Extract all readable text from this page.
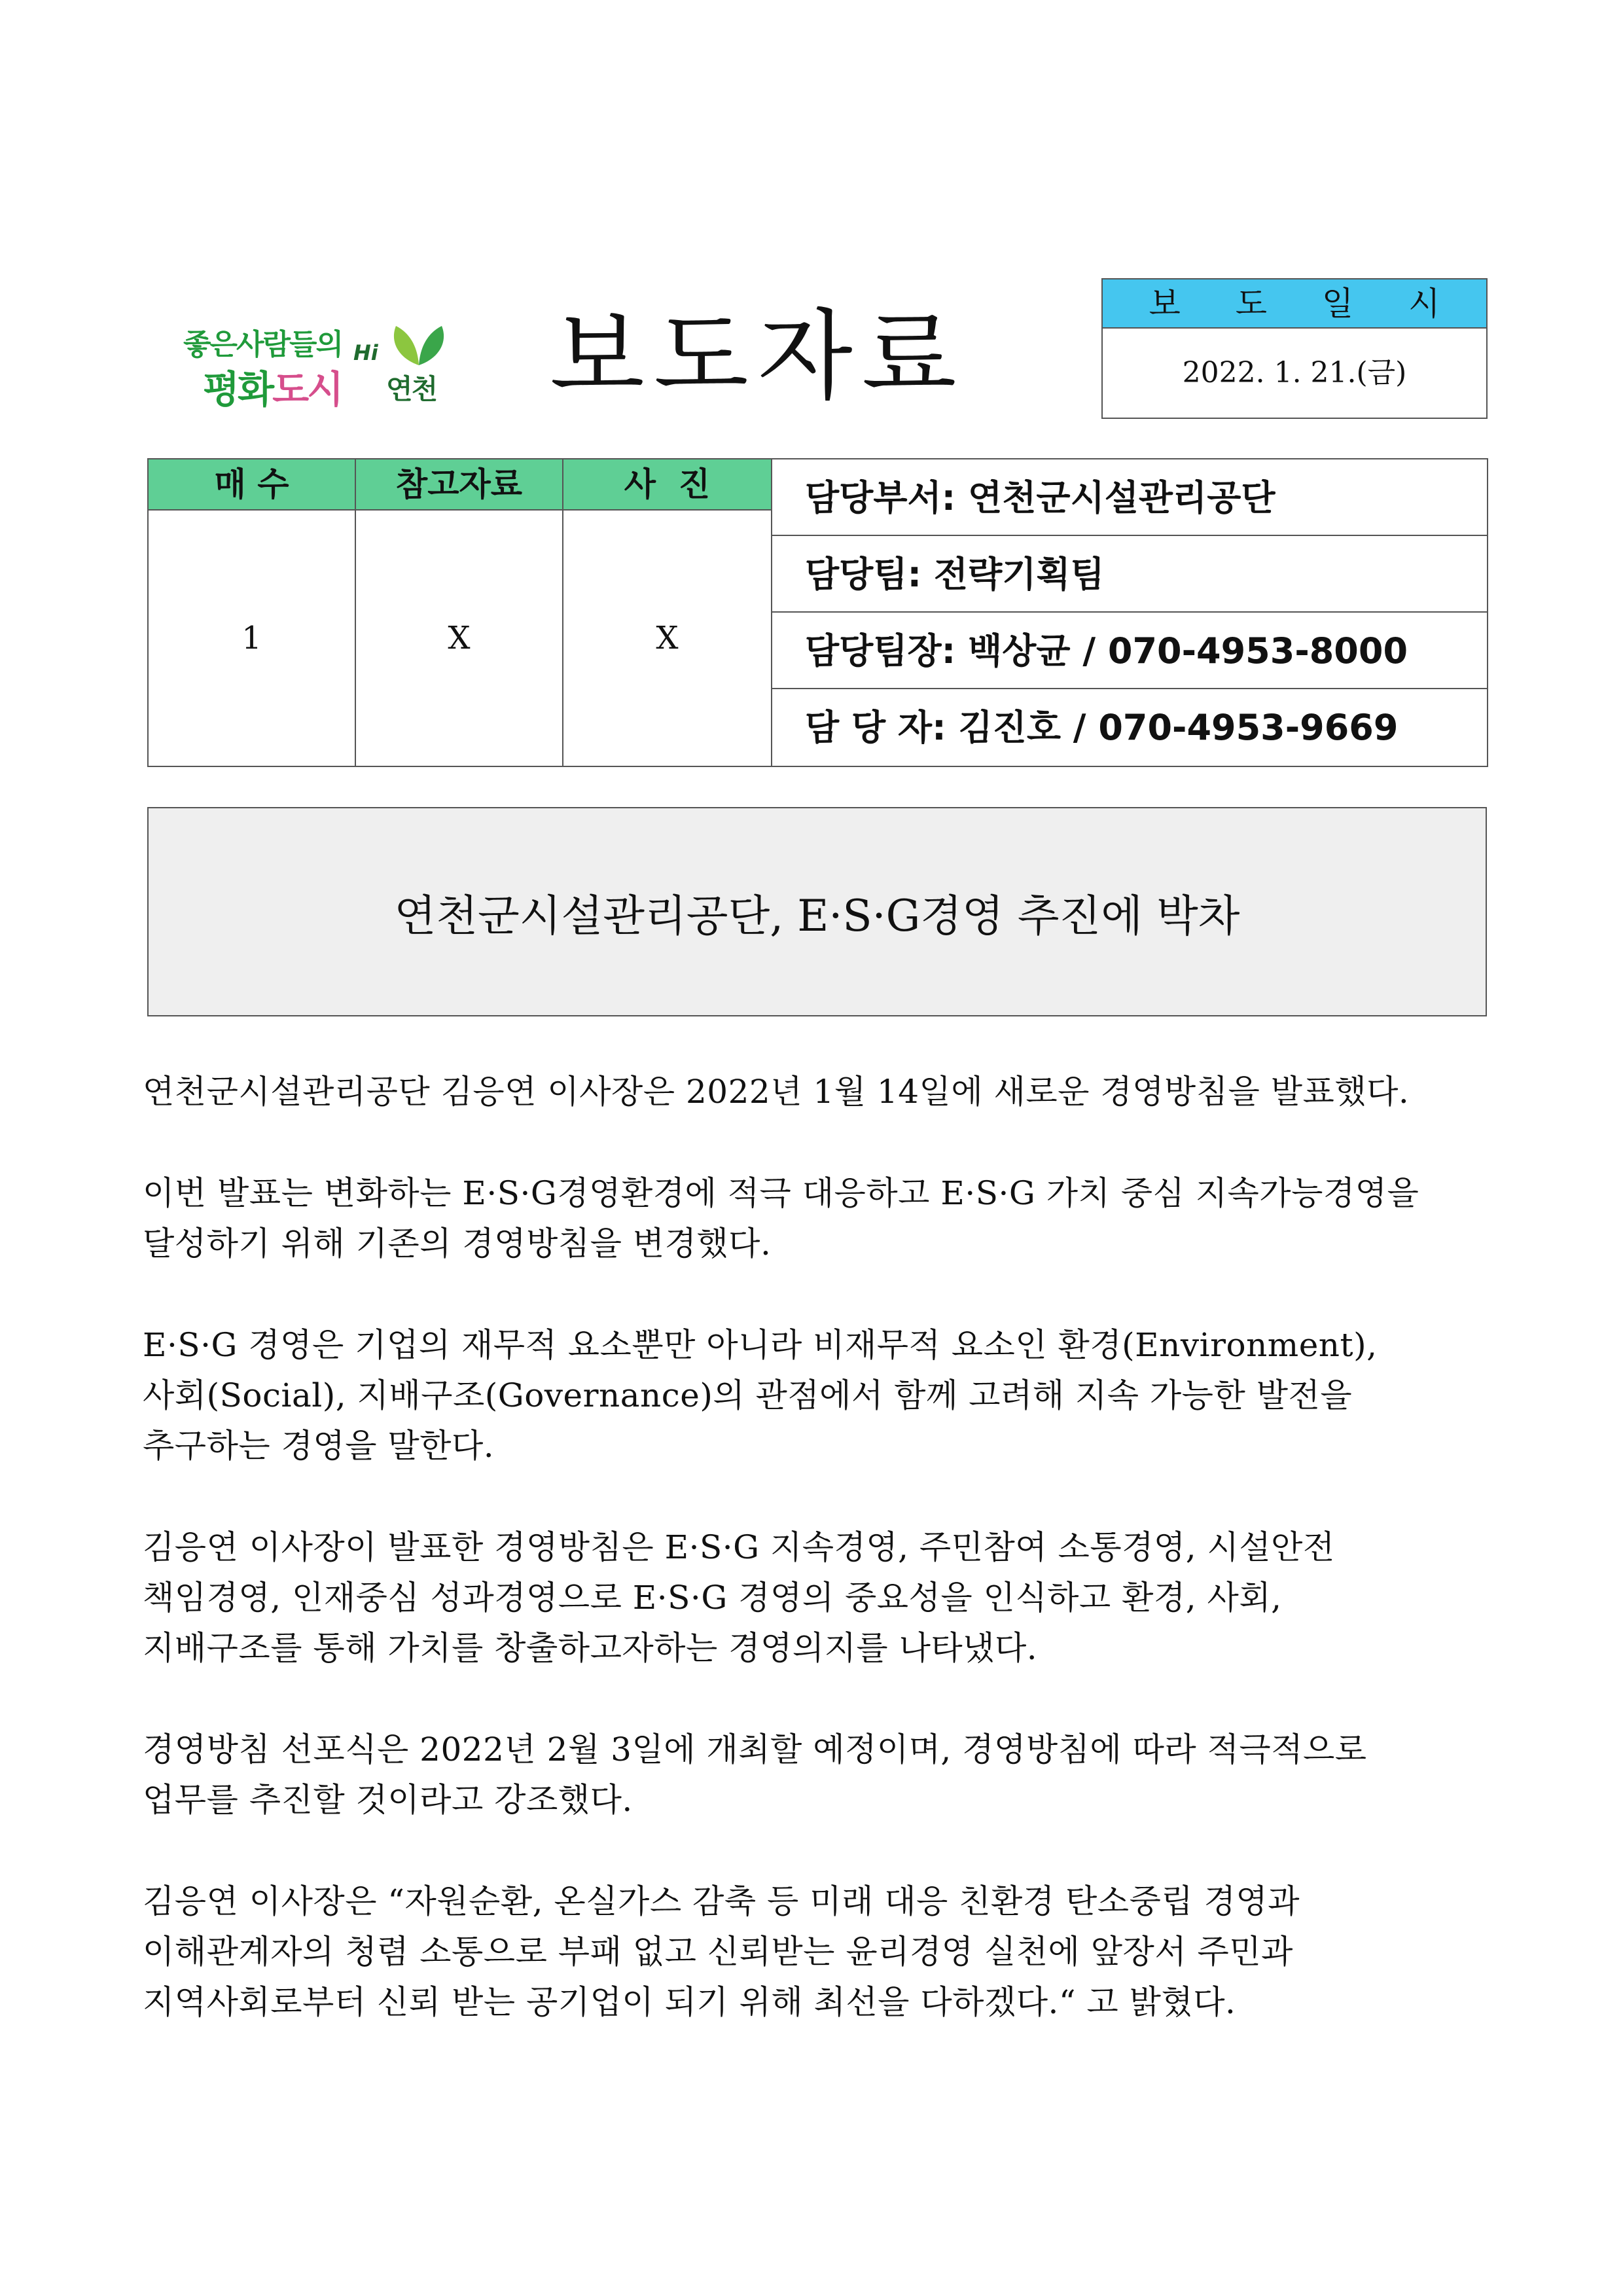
좋은사람들의
평화도시
Hi
연천 보도자료	보 도 일 시
2022. 1. 21.(금)
매 수
1
참고자료
X
사  진
X
담당부서: 연천군시설관리공단
담당팀: 전략기획팀
담당팀장: 백상균 / 070-4953-8000
담 당 자: 김진호 / 070-4953-9669
연천군시설관리공단, E·S·G경영 추진에 박차

연천군시설관리공단 김응연 이사장은 2022년 1월 14일에 새로운 경영방침을 발표했다.

이번 발표는 변화하는 E·S·G경영환경에 적극 대응하고 E·S·G 가치 중심 지속가능경영을
달성하기 위해 기존의 경영방침을 변경했다.

E·S·G 경영은 기업의 재무적 요소뿐만 아니라 비재무적 요소인 환경(Environment),
사회(Social), 지배구조(Governance)의 관점에서 함께 고려해 지속 가능한 발전을
추구하는 경영을 말한다.

김응연 이사장이 발표한 경영방침은 E·S·G 지속경영, 주민참여 소통경영, 시설안전
책임경영, 인재중심 성과경영으로 E·S·G 경영의 중요성을 인식하고 환경, 사회,
지배구조를 통해 가치를 창출하고자하는 경영의지를 나타냈다.

경영방침 선포식은 2022년 2월 3일에 개최할 예정이며, 경영방침에 따라 적극적으로
업무를 추진할 것이라고 강조했다.

김응연 이사장은 “자원순환, 온실가스 감축 등 미래 대응 친환경 탄소중립 경영과
이해관계자의 청렴 소통으로 부패 없고 신뢰받는 윤리경영 실천에 앞장서 주민과
지역사회로부터 신뢰 받는 공기업이 되기 위해 최선을 다하겠다.“ 고 밝혔다.
